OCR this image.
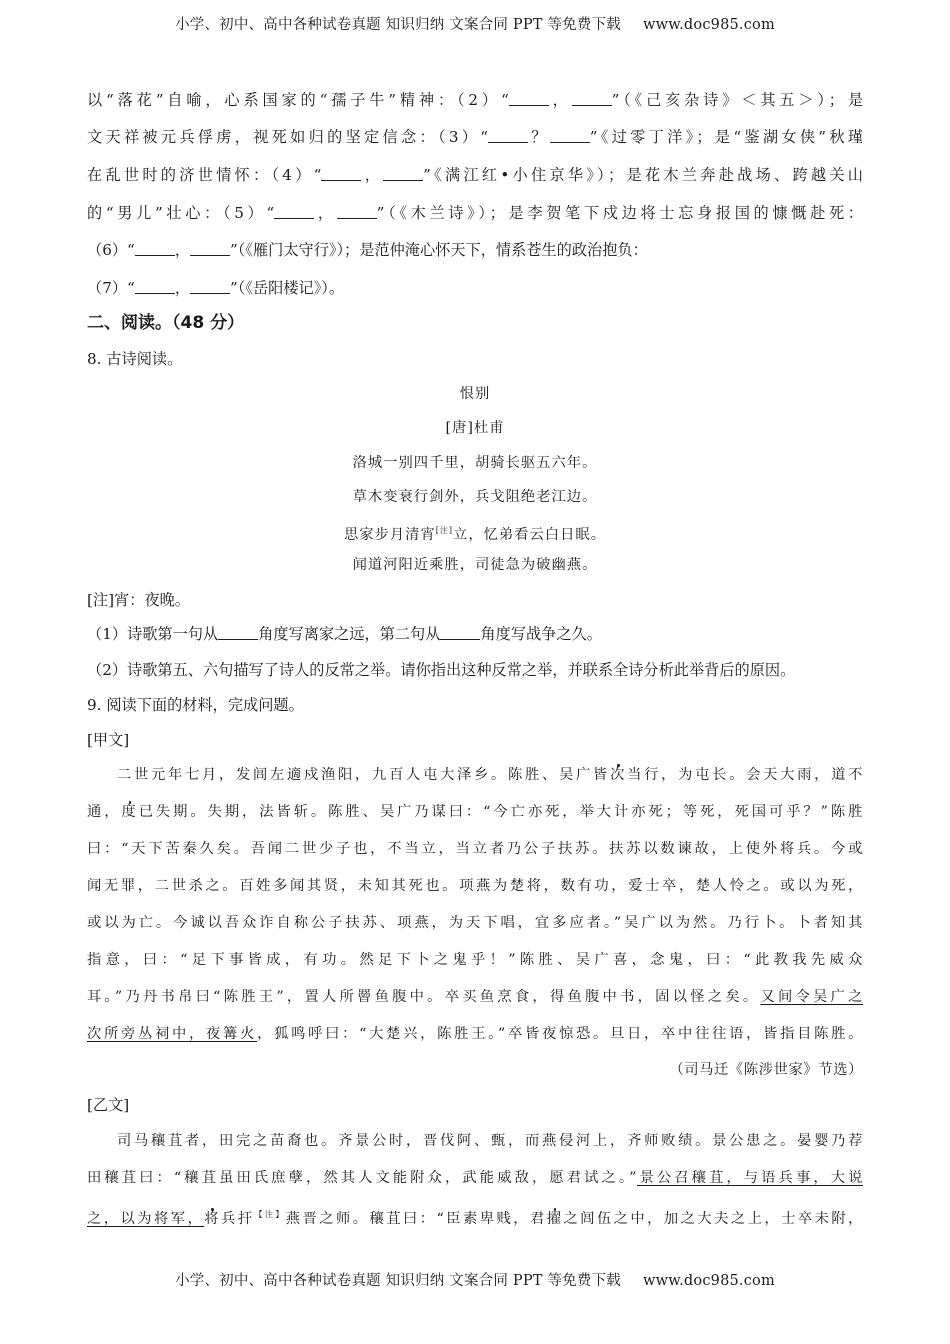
小学、初中、高中各种试卷真题 知识归纳 文案合同 PPT 等免费下载 www.doc985.com
以“落花”自喻，心系国家的“孺子牛”精神：（2）“	，	”（《己亥杂诗》＜其五＞）；是
文天祥被元兵俘虏，视死如归的坚定信念：（3）“	？	”《过零丁洋》；是“鉴湖女侠”秋瑾
在乱世时的济世情怀：（4）“	，	”《满江红•小住京华》）；是花木兰奔赴战场、跨越关山
的“男儿”壮心：（5）“	，	”（《木兰诗》）；是李贺笔下戍边将士忘身报国的慷慨赴死：
（6）“	，	”（《雁门太守行》）；是范仲淹心怀天下，情系苍生的政治抱负：
（7）“	，	”（《岳阳楼记》）。
二、阅读。（48 分）
8. 古诗阅读。
恨别
[唐]杜甫
洛城一别四千里，胡骑长驱五六年。
草木变衰行剑外，兵戈阻绝老江边。
思家步月清宵[注]立，忆弟看云白日眠。
闻道河阳近乘胜，司徒急为破幽燕。
[注]宵：夜晚。
（1）诗歌第一句从	角度写离家之远，第二句从	角度写战争之久。
（2）诗歌第五、六句描写了诗人的反常之举。请你指出这种反常之举，并联系全诗分析此举背后的原因。
9. 阅读下面的材料，完成问题。
[甲文]
二世元年七月，发闾左適戍渔阳，九百人屯大泽乡。陈胜、吴广皆次当行，为屯长。会天大雨，道不
通，度已失期。失期，法皆斩。陈胜、吴广乃谋曰：“今亡亦死，举大计亦死；等死，死国可乎？”陈胜
曰：“天下苦秦久矣。吾闻二世少子也，不当立，当立者乃公子扶苏。扶苏以数谏故，上使外将兵。今或
闻无罪，二世杀之。百姓多闻其贤，未知其死也。项燕为楚将，数有功，爱士卒，楚人怜之。或以为死，
或以为亡。今诚以吾众诈自称公子扶苏、项燕，为天下唱，宜多应者。”吴广以为然。乃行卜。卜者知其
指意，曰：“足下事皆成，有功。然足下卜之鬼乎！”陈胜、吴广喜，念鬼，曰：“此教我先威众
耳。”乃丹书帛曰“陈胜王”，置人所罾鱼腹中。卒买鱼烹食，得鱼腹中书，固以怪之矣。又间令吴广之
次所旁丛祠中，夜篝火，狐鸣呼曰：“大楚兴，陈胜王。”卒皆夜惊恐。旦日，卒中往往语，皆指目陈胜。
（司马迁《陈涉世家》节选）
[乙文]
司马穰苴者，田完之苗裔也。齐景公时，晋伐阿、甄，而燕侵河上，齐师败绩。景公患之。晏婴乃荐
田穰苴曰：“穰苴虽田氏庶孽，然其人文能附众，武能威敌，愿君试之。”景公召穰苴，与语兵事，大说
之，以为将军，将兵扞$^{【注】}$燕晋之师。穰苴曰：“臣素卑贱，君擢之闾伍之中，加之大夫之上，士卒未附，
小学、初中、高中各种试卷真题 知识归纳 文案合同 PPT 等免费下载 www.doc985.com
